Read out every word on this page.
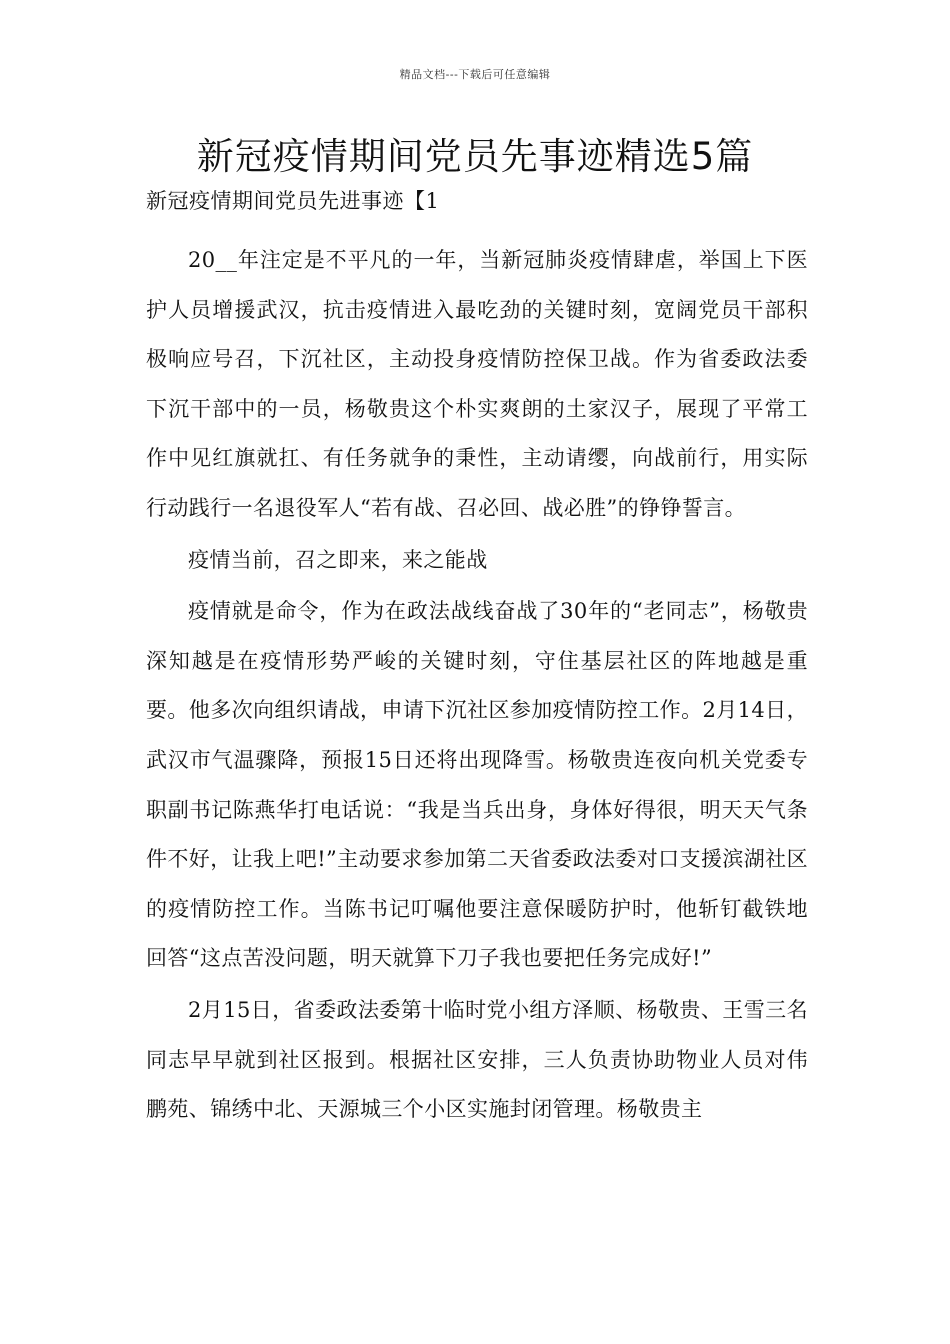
精品文档---下载后可任意编辑
新冠疫情期间党员先事迹精选5篇
新冠疫情期间党员先进事迹【1

20__年注定是不平凡的一年，当新冠肺炎疫情肆虐，举国上下医护人员增援武汉，抗击疫情进入最吃劲的关键时刻，宽阔党员干部积极响应号召，下沉社区，主动投身疫情防控保卫战。作为省委政法委下沉干部中的一员，杨敬贵这个朴实爽朗的土家汉子，展现了平常工作中见红旗就扛、有任务就争的秉性，主动请缨，向战前行，用实际行动践行一名退役军人“若有战、召必回、战必胜”的铮铮誓言。

疫情当前，召之即来，来之能战

疫情就是命令，作为在政法战线奋战了30年的“老同志”，杨敬贵深知越是在疫情形势严峻的关键时刻，守住基层社区的阵地越是重要。他多次向组织请战，申请下沉社区参加疫情防控工作。2月14日，武汉市气温骤降，预报15日还将出现降雪。杨敬贵连夜向机关党委专职副书记陈燕华打电话说：“我是当兵出身，身体好得很，明天天气条件不好，让我上吧!”主动要求参加第二天省委政法委对口支援滨湖社区的疫情防控工作。当陈书记叮嘱他要注意保暖防护时，他斩钉截铁地回答“这点苦没问题，明天就算下刀子我也要把任务完成好!”

2月15日，省委政法委第十临时党小组方泽顺、杨敬贵、王雪三名同志早早就到社区报到。根据社区安排，三人负责协助物业人员对伟鹏苑、锦绣中北、天源城三个小区实施封闭管理。杨敬贵主
